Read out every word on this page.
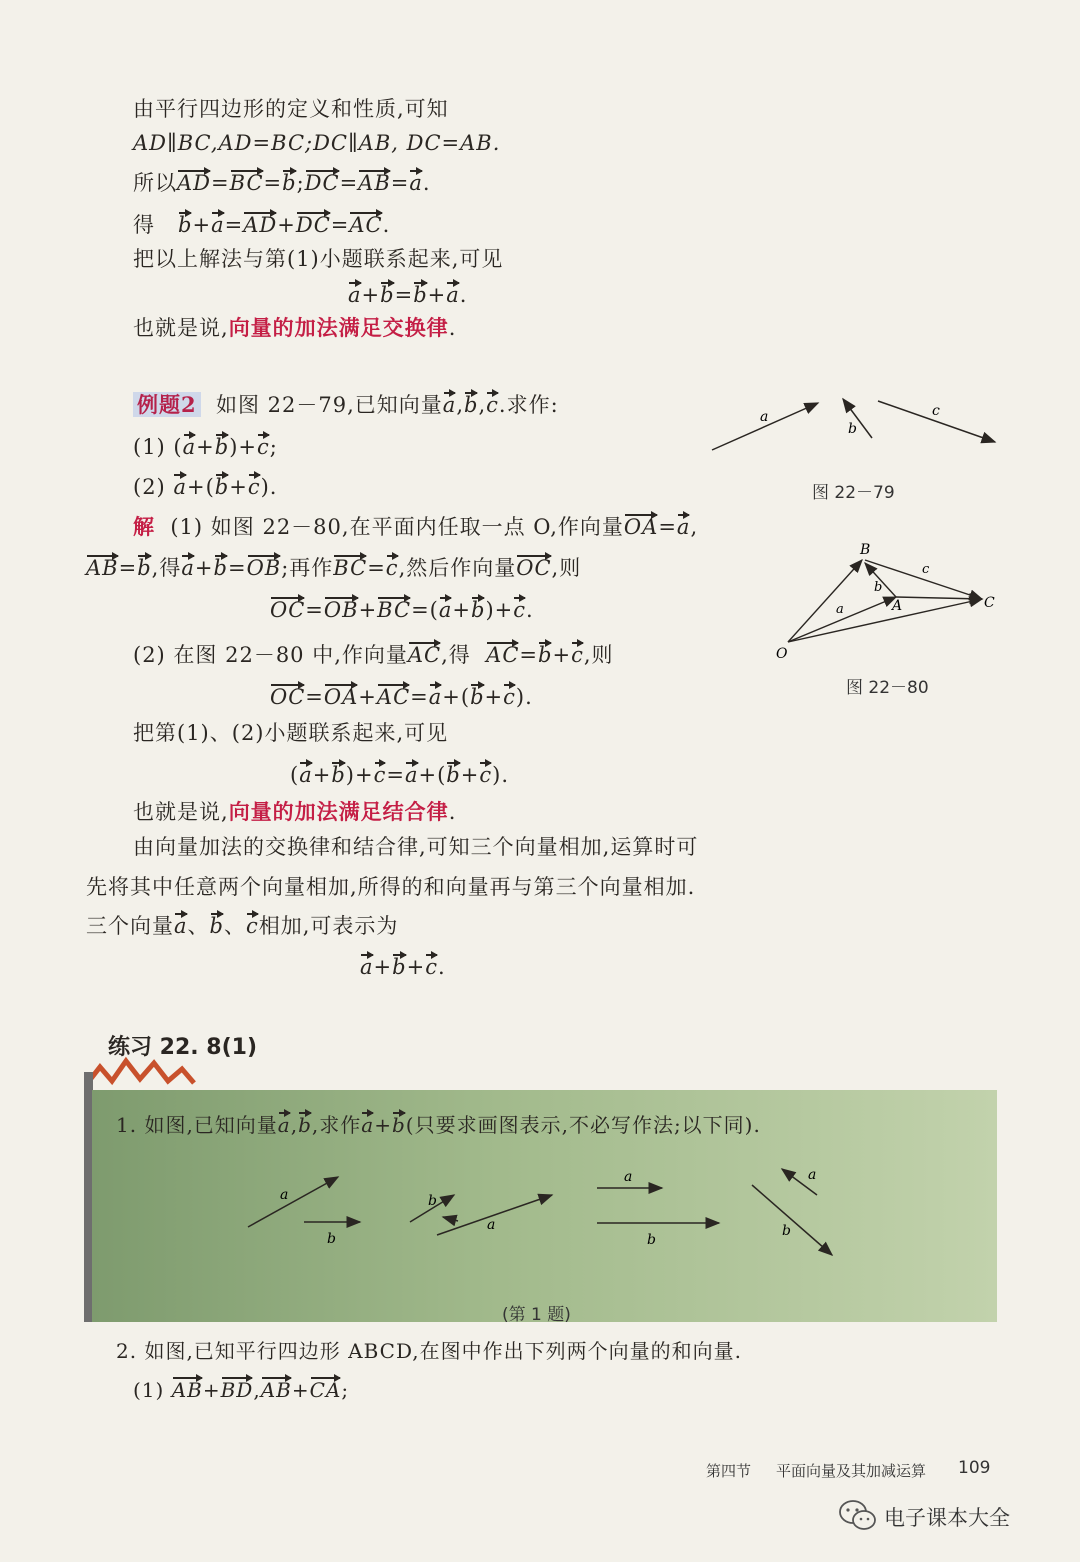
由平行四边形的定义和性质,可知
AD∥BC,AD=BC;DC∥AB, DC=AB.
所以AD=BC=b;DC=AB=a.
得 b+a=AD+DC=AC.
把以上解法与第(1)小题联系起来,可见
a+b=b+a.
也就是说,向量的加法满足交换律.
例题2 如图 22－79,已知向量a,b,c.求作:
(1) (a+b)+c;
(2) a+(b+c).
解 (1) 如图 22－80,在平面内任取一点 O,作向量OA=a,
AB=b,得a+b=OB;再作BC=c,然后作向量OC,则
OC=OB+BC=(a+b)+c.
(2) 在图 22－80 中,作向量AC,得 AC=b+c,则
OC=OA+AC=a+(b+c).
把第(1)、(2)小题联系起来,可见
(a+b)+c=a+(b+c).
也就是说,向量的加法满足结合律.
由向量加法的交换律和结合律,可知三个向量相加,运算时可
先将其中任意两个向量相加,所得的和向量再与第三个向量相加.
三个向量a、b、c相加,可表示为
a+b+c.
a
b
c
图 22－79
B
A	C
O
a
b
c
图 22－80
练习 22. 8(1)
1. 如图,已知向量a,b,求作a+b(只要求画图表示,不必写作法;以下同).
a
b
b
a
a
b
a
b
(第 1 题)
2. 如图,已知平行四边形 ABCD,在图中作出下列两个向量的和向量.
(1) AB+BD,AB+CA;
第四节 平面向量及其加减运算 109
电子课本大全
